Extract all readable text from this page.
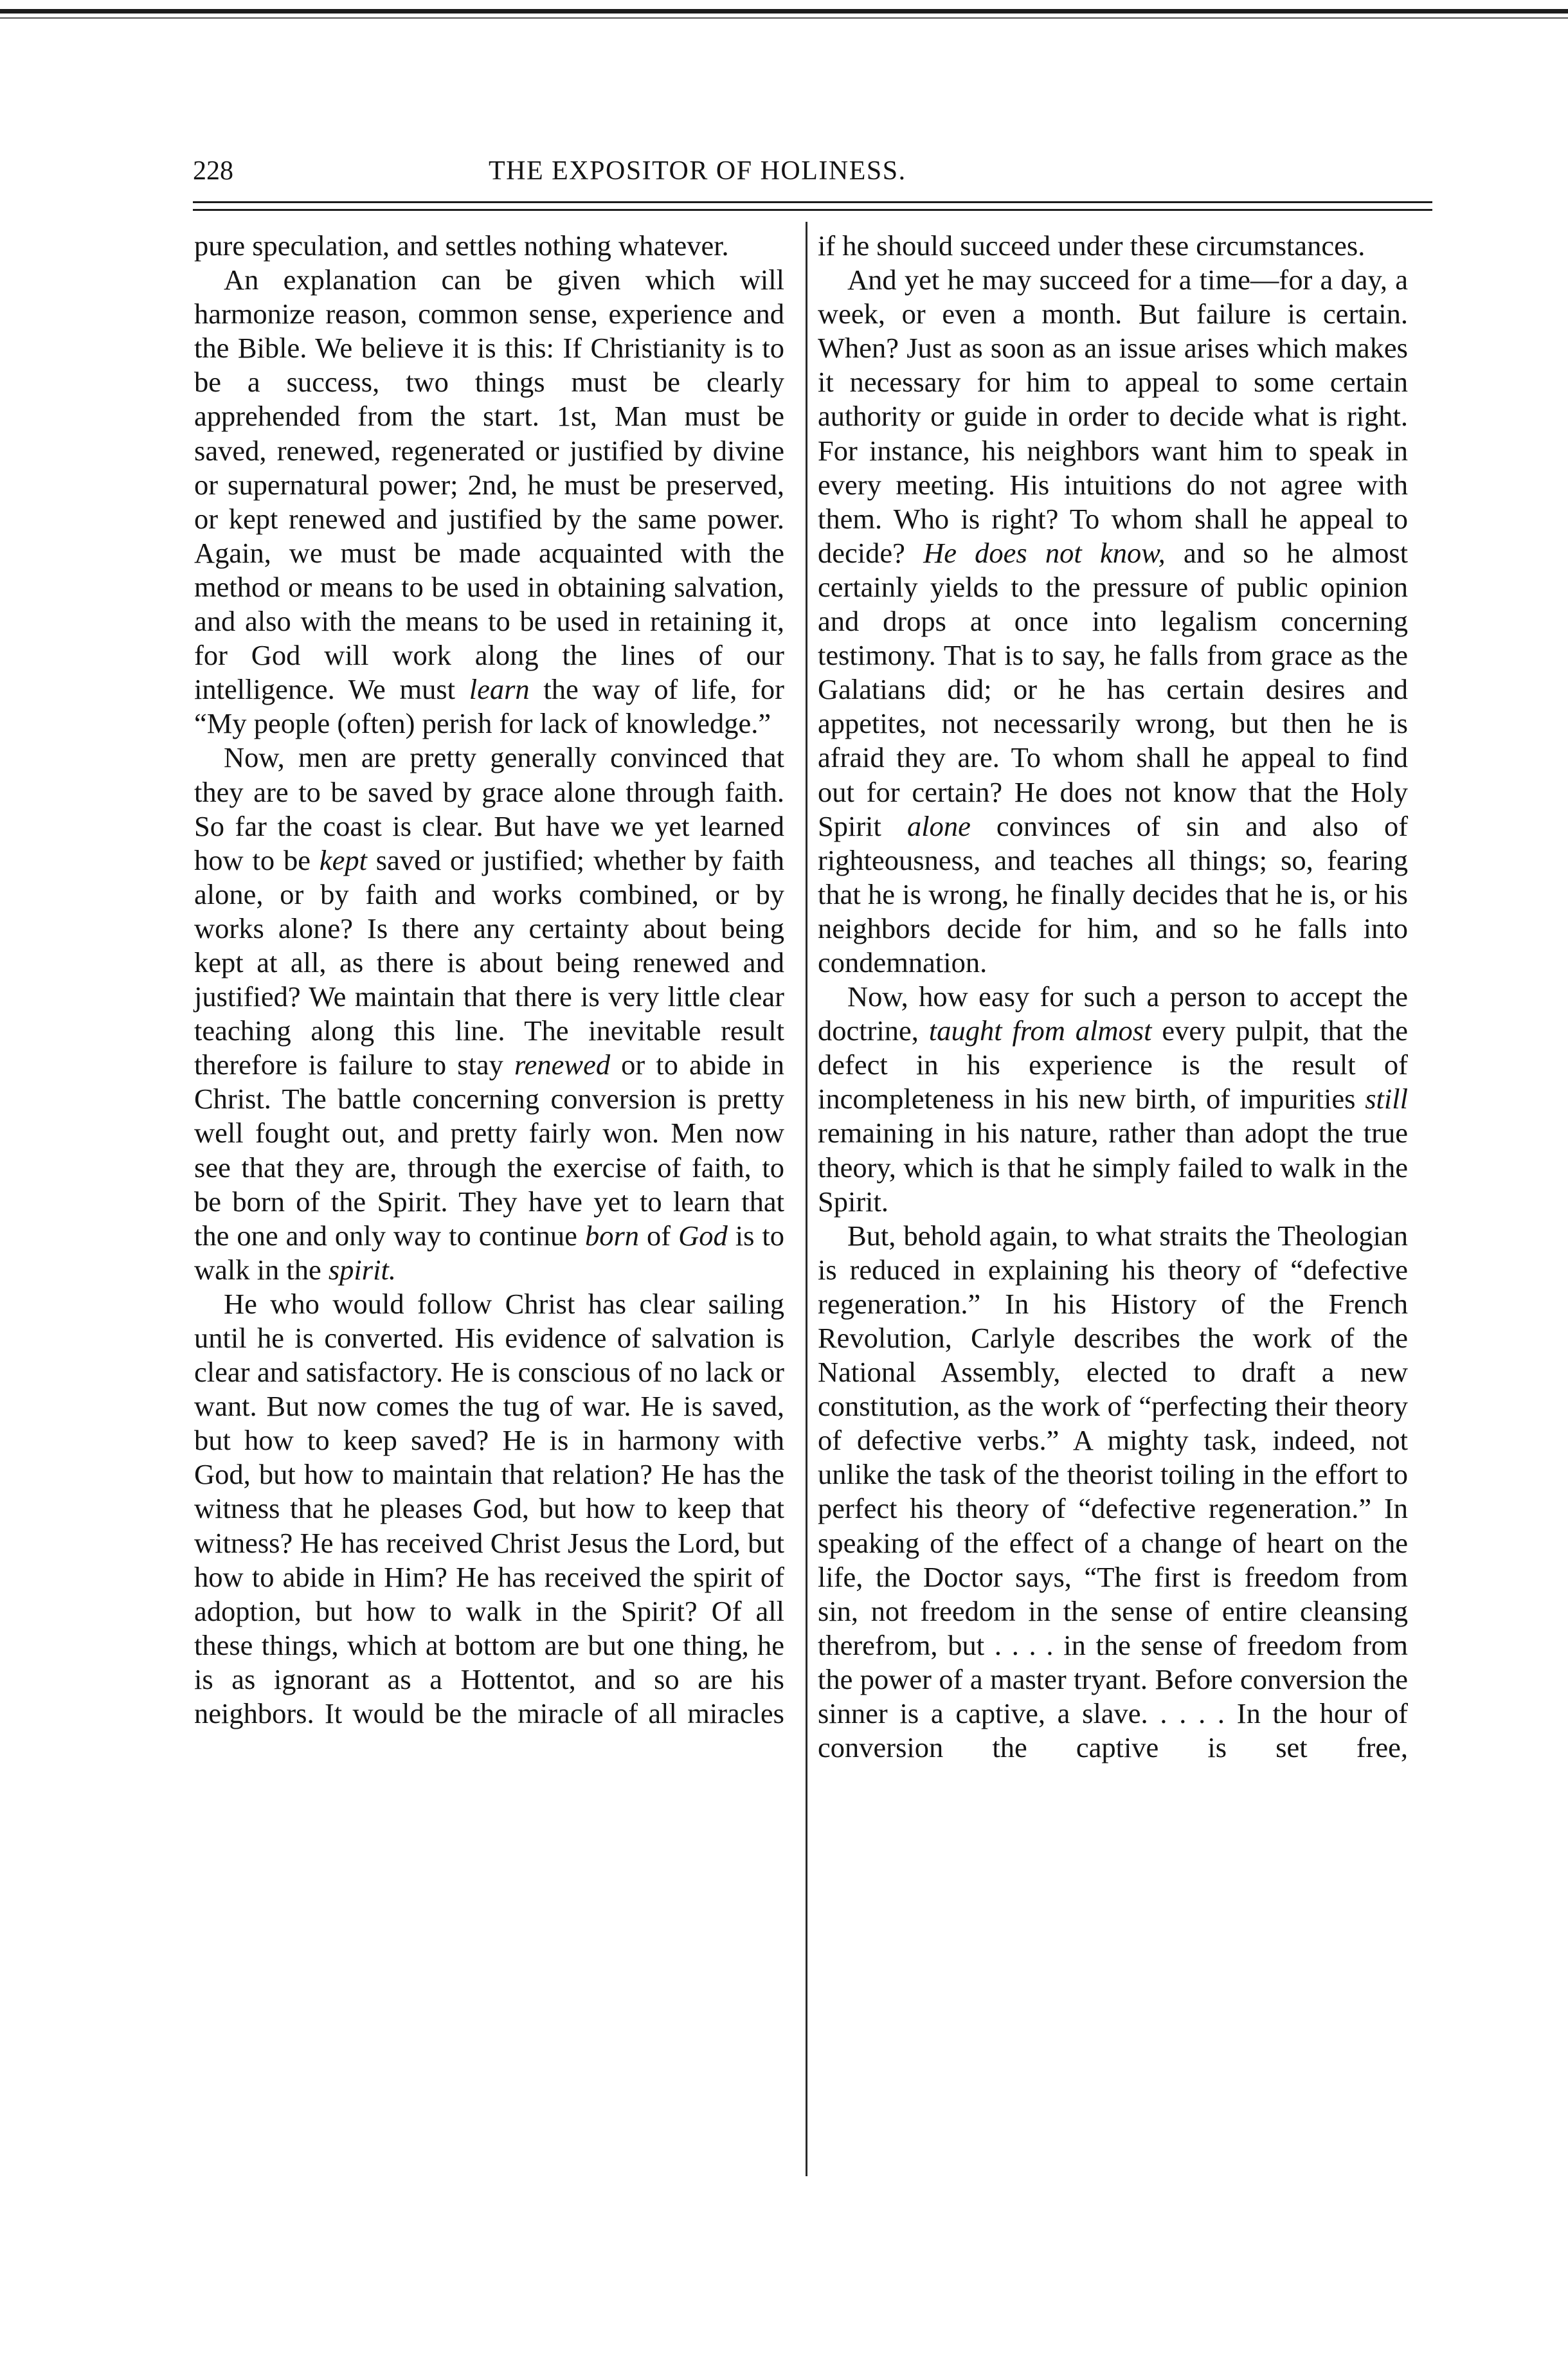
228	THE EXPOSITOR OF HOLINESS.

pure speculation, and settles nothing whatever.

An explanation can be given which will harmonize reason, common sense, experience and the Bible. We believe it is this: If Christianity is to be a success, two things must be clearly apprehended from the start. 1st, Man must be saved, renewed, regenerated or justified by divine or supernatural power; 2nd, he must be preserved, or kept renewed and justified by the same power. Again, we must be made acquainted with the method or means to be used in obtaining salvation, and also with the means to be used in retaining it, for God will work along the lines of our intelligence. We must learn the way of life, for “My people (often) perish for lack of knowledge.”

Now, men are pretty generally convinced that they are to be saved by grace alone through faith. So far the coast is clear. But have we yet learned how to be kept saved or justified; whether by faith alone, or by faith and works combined, or by works alone? Is there any certainty about being kept at all, as there is about being renewed and justified? We maintain that there is very little clear teaching along this line. The inevitable result therefore is failure to stay renewed or to abide in Christ. The battle concerning conversion is pretty well fought out, and pretty fairly won. Men now see that they are, through the exercise of faith, to be born of the Spirit. They have yet to learn that the one and only way to continue born of God is to walk in the spirit.

He who would follow Christ has clear sailing until he is converted. His evidence of salvation is clear and satisfactory. He is conscious of no lack or want. But now comes the tug of war. He is saved, but how to keep saved? He is in harmony with God, but how to maintain that relation? He has the witness that he pleases God, but how to keep that witness? He has received Christ Jesus the Lord, but how to abide in Him? He has received the spirit of adoption, but how to walk in the Spirit? Of all these things, which at bottom are but one thing, he is as ignorant as a Hottentot, and so are his neighbors. It would be the miracle of all miracles

if he should succeed under these circumstances.

And yet he may succeed for a time—for a day, a week, or even a month. But failure is certain. When? Just as soon as an issue arises which makes it necessary for him to appeal to some certain authority or guide in order to decide what is right. For instance, his neighbors want him to speak in every meeting. His intuitions do not agree with them. Who is right? To whom shall he appeal to decide? He does not know, and so he almost certainly yields to the pressure of public opinion and drops at once into legalism concerning testimony. That is to say, he falls from grace as the Galatians did; or he has certain desires and appetites, not necessarily wrong, but then he is afraid they are. To whom shall he appeal to find out for certain? He does not know that the Holy Spirit alone convinces of sin and also of righteousness, and teaches all things; so, fearing that he is wrong, he finally decides that he is, or his neighbors decide for him, and so he falls into condemnation.

Now, how easy for such a person to accept the doctrine, taught from almost every pulpit, that the defect in his experience is the result of incompleteness in his new birth, of impurities still remaining in his nature, rather than adopt the true theory, which is that he simply failed to walk in the Spirit.

But, behold again, to what straits the Theologian is reduced in explaining his theory of “defective regeneration.” In his History of the French Revolution, Carlyle describes the work of the National Assembly, elected to draft a new constitution, as the work of “perfecting their theory of defective verbs.” A mighty task, indeed, not unlike the task of the theorist toiling in the effort to perfect his theory of “defective regeneration.” In speaking of the effect of a change of heart on the life, the Doctor says, “The first is freedom from sin, not freedom in the sense of entire cleansing therefrom, but . . . . in the sense of freedom from the power of a master tryant. Before conversion the sinner is a captive, a slave. . . . . In the hour of conversion the captive is set free,
